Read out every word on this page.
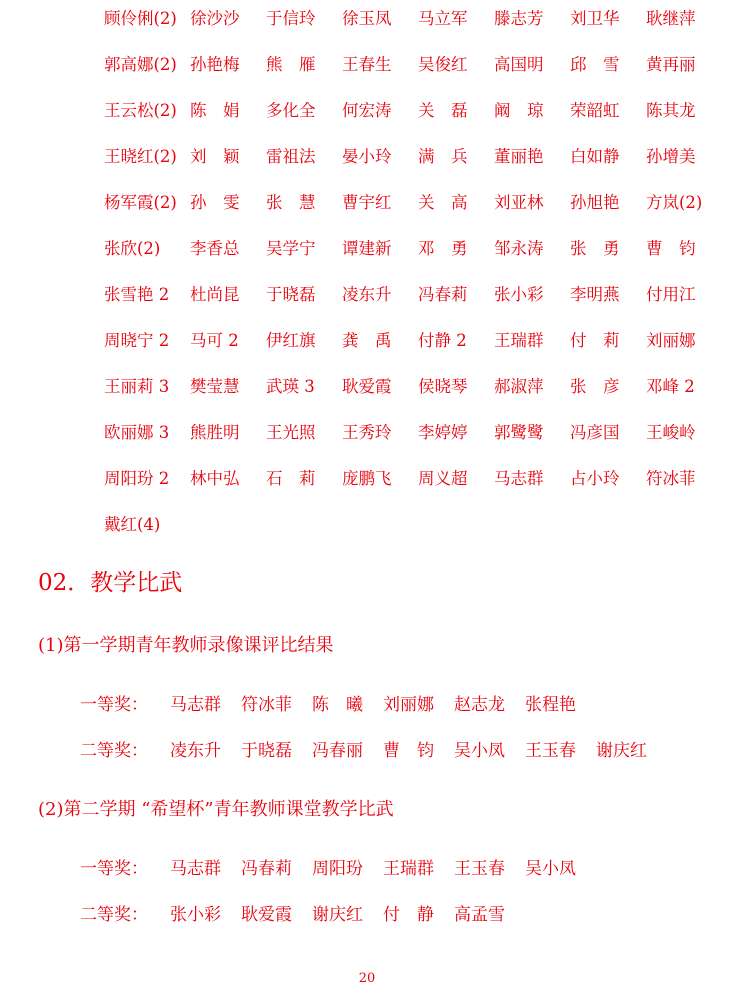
顾伶俐(2) 徐沙沙 于信玲 徐玉凤 马立军 滕志芳 刘卫华 耿继萍
郭高娜(2) 孙艳梅 熊　雁 王春生 吴俊红 高国明 邱　雪 黄再丽
王云松(2) 陈　娟 多化全 何宏涛 关　磊 阚　琼 荣韶虹 陈其龙
王晓红(2) 刘　颖 雷祖法 晏小玲 满　兵 董丽艳 白如静 孙增美
杨军霞(2) 孙　雯 张　慧 曹宇红 关　高 刘亚林 孙旭艳 方岚(2)
张欣(2) 李香总 吴学宁 谭建新 邓　勇 邹永涛 张　勇 曹　钧
张雪艳 2 杜尚昆 于晓磊 凌东升 冯春莉 张小彩 李明燕 付用江
周晓宁 2 马可 2 伊红旗 龚　禹 付静 2 王瑞群 付　莉 刘丽娜
王丽莉 3 樊莹慧 武瑛 3 耿爱霞 侯晓琴 郝淑萍 张　彦 邓峰 2
欧丽娜 3 熊胜明 王光照 王秀玲 李婷婷 郭鹭鹭 冯彦国 王峻岭
周阳玢 2 林中弘 石　莉 庞鹏飞 周义超 马志群 占小玲 符冰菲
戴红(4)
02．教学比武
(1)第一学期青年教师录像课评比结果
一等奖： 马志群 符冰菲 陈　曦 刘丽娜 赵志龙 张程艳
二等奖： 凌东升 于晓磊 冯春丽 曹　钧 吴小凤 王玉春 谢庆红
(2)第二学期 “希望杯”青年教师课堂教学比武
一等奖： 马志群 冯春莉 周阳玢 王瑞群 王玉春 吴小凤
二等奖： 张小彩 耿爱霞 谢庆红 付　静 高孟雪
20
